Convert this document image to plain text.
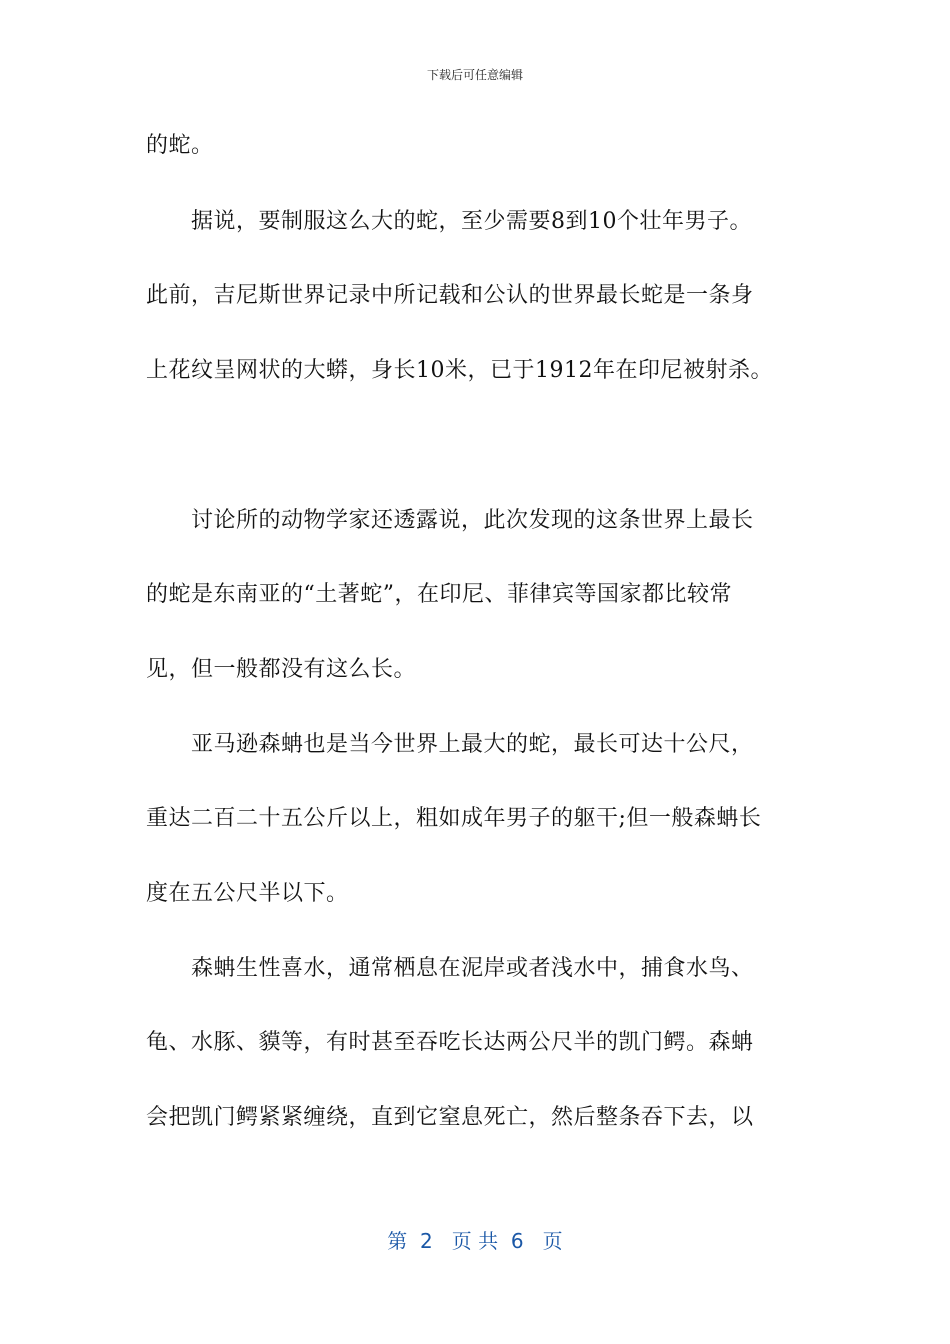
下载后可任意编辑
的蛇。
　　据说，要制服这么大的蛇，至少需要8到10个壮年男子。
此前，吉尼斯世界记录中所记载和公认的世界最长蛇是一条身
上花纹呈网状的大蟒，身长10米，已于1912年在印尼被射杀。
　　讨论所的动物学家还透露说，此次发现的这条世界上最长
的蛇是东南亚的“土著蛇”，在印尼、菲律宾等国家都比较常
见，但一般都没有这么长。
　　亚马逊森蚺也是当今世界上最大的蛇，最长可达十公尺，
重达二百二十五公斤以上，粗如成年男子的躯干;但一般森蚺长
度在五公尺半以下。
　　森蚺生性喜水，通常栖息在泥岸或者浅水中，捕食水鸟、
龟、水豚、貘等，有时甚至吞吃长达两公尺半的凯门鳄。森蚺
会把凯门鳄紧紧缠绕，直到它窒息死亡，然后整条吞下去，以
第  2   页 共  6   页
